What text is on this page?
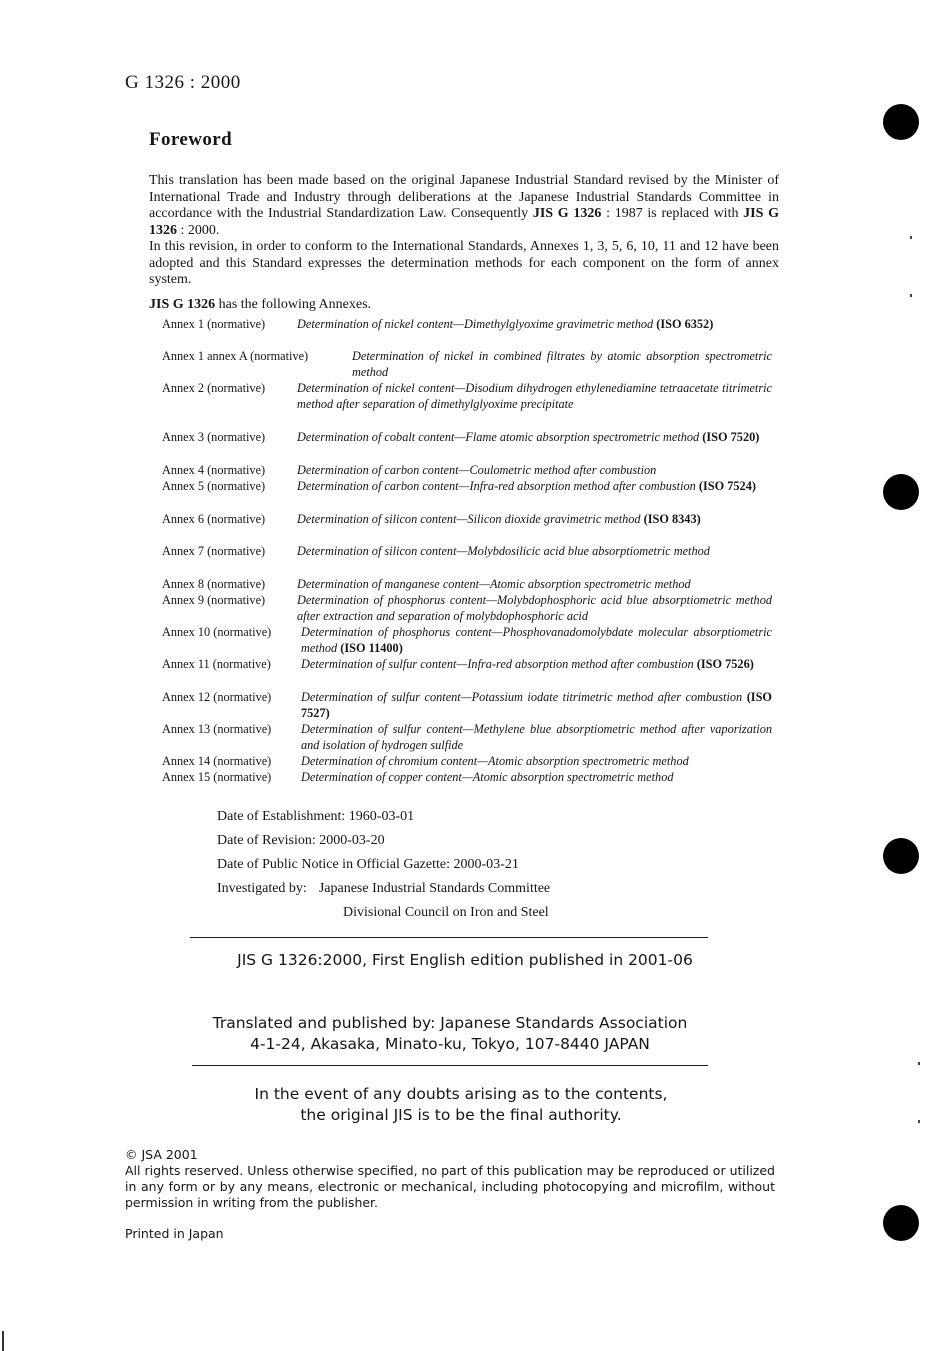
G 1326 : 2000
Foreword

This translation has been made based on the original Japanese Industrial Standard revised by the Minister of International Trade and Industry through deliberations at the Japanese Industrial Standards Committee in accordance with the Industrial Standardization Law. Consequently JIS G 1326 : 1987 is replaced with JIS G 1326 : 2000.

In this revision, in order to conform to the International Standards, Annexes 1, 3, 5, 6, 10, 11 and 12 have been adopted and this Standard expresses the determination methods for each component on the form of annex system.

JIS G 1326 has the following Annexes.
Annex 1 (normative)	Determination of nickel content—Dimethylglyoxime gravimetric method (ISO 6352)
Annex 1 annex A (normative)	Determination of nickel in combined filtrates by atomic absorption spectrometric method
Annex 2 (normative)	Determination of nickel content—Disodium dihydrogen ethylenediamine tetraacetate titrimetric method after separation of dimethylglyoxime precipitate
Annex 3 (normative)	Determination of cobalt content—Flame atomic absorption spectrometric method (ISO 7520)
Annex 4 (normative)	Determination of carbon content—Coulometric method after combustion
Annex 5 (normative)	Determination of carbon content—Infra-red absorption method after combustion (ISO 7524)
Annex 6 (normative)	Determination of silicon content—Silicon dioxide gravimetric method (ISO 8343)
Annex 7 (normative)	Determination of silicon content—Molybdosilicic acid blue absorptiometric method
Annex 8 (normative)	Determination of manganese content—Atomic absorption spectrometric method
Annex 9 (normative)	Determination of phosphorus content—Molybdophosphoric acid blue absorptiometric method after extraction and separation of molybdophosphoric acid
Annex 10 (normative)	Determination of phosphorus content—Phosphovanadomolybdate molecular absorptiometric method (ISO 11400)
Annex 11 (normative)	Determination of sulfur content—Infra-red absorption method after combustion (ISO 7526)
Annex 12 (normative)	Determination of sulfur content—Potassium iodate titrimetric method after combustion (ISO 7527)
Annex 13 (normative)	Determination of sulfur content—Methylene blue absorptiometric method after vaporization and isolation of hydrogen sulfide
Annex 14 (normative)	Determination of chromium content—Atomic absorption spectrometric method
Annex 15 (normative)	Determination of copper content—Atomic absorption spectrometric method
Date of Establishment: 1960-03-01
Date of Revision: 2000-03-20
Date of Public Notice in Official Gazette: 2000-03-21
Investigated by: Japanese Industrial Standards Committee
Divisional Council on Iron and Steel
JIS G 1326:2000, First English edition published in 2001-06
Translated and published by: Japanese Standards Association
4-1-24, Akasaka, Minato-ku, Tokyo, 107-8440 JAPAN
In the event of any doubts arising as to the contents,
the original JIS is to be the final authority.
© JSA 2001
All rights reserved. Unless otherwise specified, no part of this publication may be reproduced or utilized in any form or by any means, electronic or mechanical, including photocopying and microfilm, without permission in writing from the publisher.
Printed in Japan
